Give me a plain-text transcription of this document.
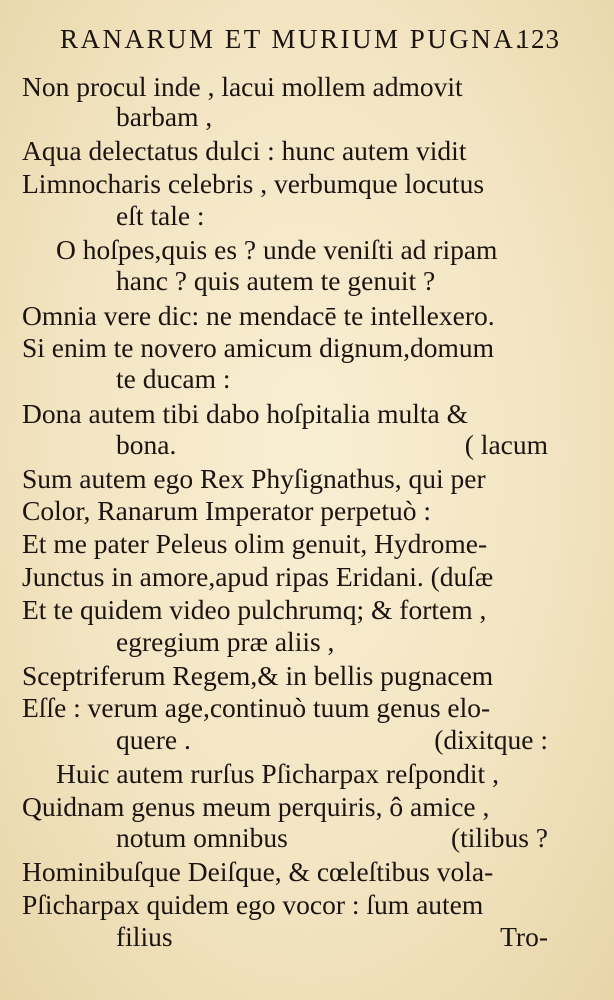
RANARUM ET MURIUM PUGNA.
123
Non procul inde , lacui mollem admovit
barbam ,
Aqua delectatus dulci : hunc autem vidit
Limnocharis celebris , verbumque locutus
eſt tale :
O hoſpes,quis es ? unde veniſti ad ripam
hanc ? quis autem te genuit ?
Omnia vere dic: ne mendacē te intellexero.
Si enim te novero amicum dignum,domum
te ducam :
Dona autem tibi dabo hoſpitalia multa &
bona.	( lacum
Sum autem ego Rex Phyſignathus, qui per
Color, Ranarum Imperator perpetuò :
Et me pater Peleus olim genuit, Hydrome-
Junctus in amore,apud ripas Eridani. (duſæ
Et te quidem video pulchrumq; & fortem ,
egregium præ aliis ,
Sceptriferum Regem,& in bellis pugnacem
Eſſe : verum age,continuò tuum genus elo-
quere .	(dixitque :
Huic autem rurſus Pſicharpax reſpondit ,
Quidnam genus meum perquiris, ô amice ,
notum omnibus	(tilibus ?
Hominibuſque Deiſque, & cœleſtibus vola-
Pſicharpax quidem ego vocor : ſum autem
filius	Tro-
